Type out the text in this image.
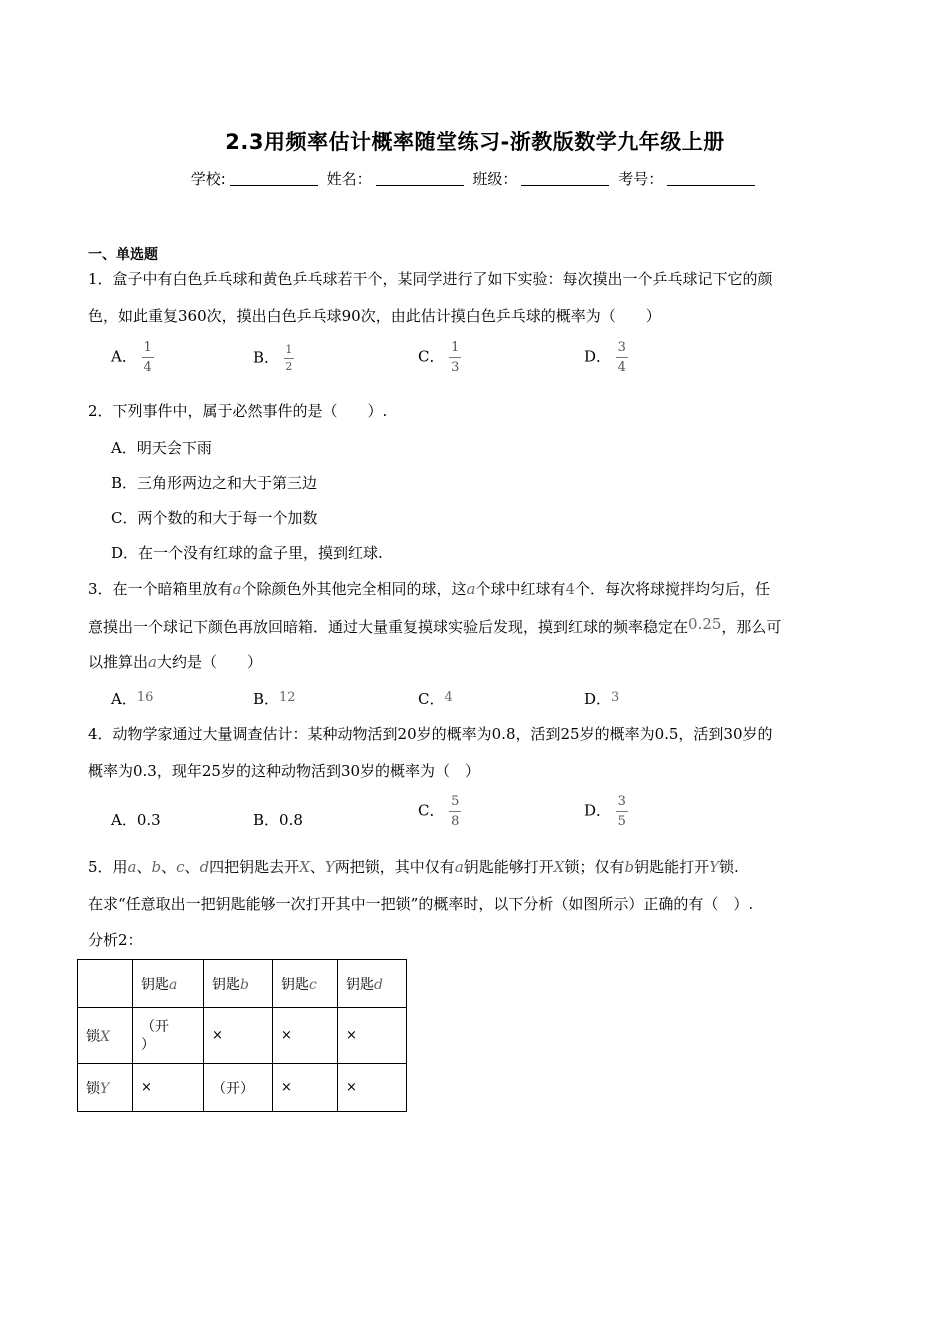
2.3用频率估计概率随堂练习-浙教版数学九年级上册
学校:	姓名：	班级：	考号：
一、单选题
1．盒子中有白色乒乓球和黄色乒乓球若干个，某同学进行了如下实验：每次摸出一个乒乓球记下它的颜
色，如此重复360次，摸出白色乒乓球90次，由此估计摸白色乒乓球的概率为（　　）
A． $\frac{1}{4}$	B． $\frac{1}{2}$	C． $\frac{1}{3}$	D． $\frac{3}{4}$
2．下列事件中，属于必然事件的是（　　）.
A．明天会下雨
B．三角形两边之和大于第三边
C．两个数的和大于每一个加数
D．在一个没有红球的盒子里，摸到红球.
3．在一个暗箱里放有a个除颜色外其他完全相同的球，这a个球中红球有4个．每次将球搅拌均匀后，任
意摸出一个球记下颜色再放回暗箱．通过大量重复摸球实验后发现，摸到红球的频率稳定在0.25，那么可
以推算出a大约是（　　）
A．16	B．12	C．4	D．3
4．动物学家通过大量调查估计：某种动物活到20岁的概率为0.8，活到25岁的概率为0.5，活到30岁的
概率为0.3，现年25岁的这种动物活到30岁的概率为（　）
A．0.3	B．0.8
C． $\frac{5}{8}$	D． $\frac{3}{5}$
5．用a、b、c、d四把钥匙去开X、Y两把锁，其中仅有a钥匙能够打开X锁；仅有b钥匙能打开Y锁.
在求“任意取出一把钥匙能够一次打开其中一把锁”的概率时，以下分析（如图所示）正确的有（　）.
分析2：
	钥匙a	钥匙b	钥匙c	钥匙d
锁X	（开
）	×	×	×
锁Y	×	（开）	×	×
